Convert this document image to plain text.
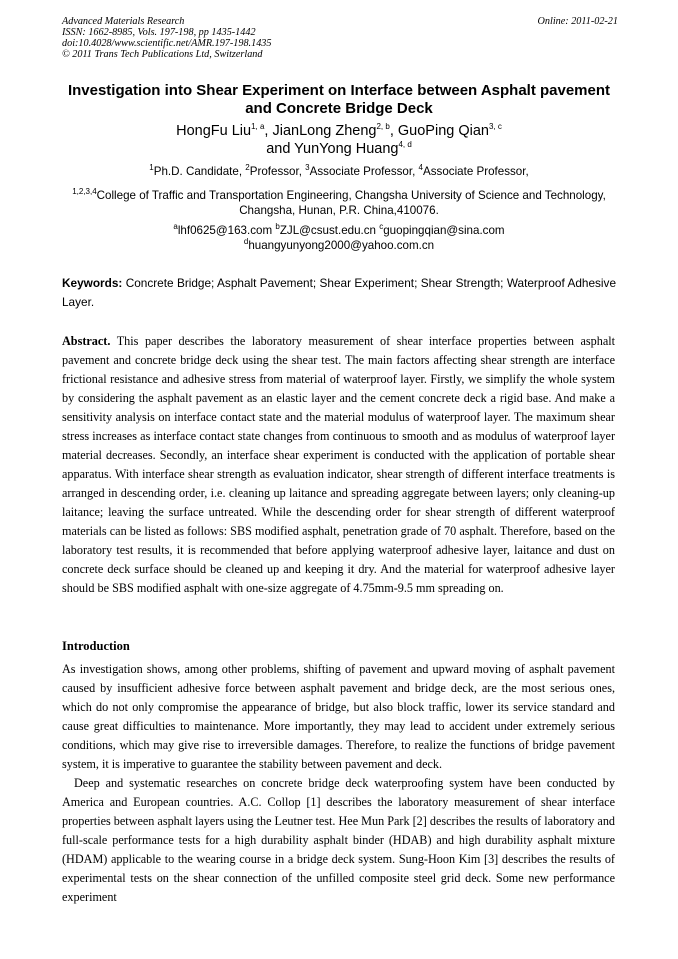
Advanced Materials Research
ISSN: 1662-8985, Vols. 197-198, pp 1435-1442
doi:10.4028/www.scientific.net/AMR.197-198.1435
© 2011 Trans Tech Publications Ltd, Switzerland
Online: 2011-02-21
Investigation into Shear Experiment on Interface between Asphalt pavement and Concrete Bridge Deck
HongFu Liu$^{1, a}$, JianLong Zheng$^{2, b}$, GuoPing Qian$^{3, c}$
and YunYong Huang$^{4, d}$
$^1$Ph.D. Candidate, $^2$Professor, $^3$Associate Professor, $^4$Associate Professor,
$^{1,2,3,4}$College of Traffic and Transportation Engineering, Changsha University of Science and Technology, Changsha, Hunan, P.R. China,410076.
$^a$lhf0625@163.com $^b$ZJL@csust.edu.cn $^c$guopingqian@sina.com
$^d$huangyunyong2000@yahoo.com.cn
Keywords: Concrete Bridge; Asphalt Pavement; Shear Experiment; Shear Strength; Waterproof Adhesive Layer.
Abstract. This paper describes the laboratory measurement of shear interface properties between asphalt pavement and concrete bridge deck using the shear test. The main factors affecting shear strength are interface frictional resistance and adhesive stress from material of waterproof layer. Firstly, we simplify the whole system by considering the asphalt pavement as an elastic layer and the cement concrete deck a rigid base. And make a sensitivity analysis on interface contact state and the material modulus of waterproof layer. The maximum shear stress increases as interface contact state changes from continuous to smooth and as modulus of waterproof layer material decreases. Secondly, an interface shear experiment is conducted with the application of portable shear apparatus. With interface shear strength as evaluation indicator, shear strength of different interface treatments is arranged in descending order, i.e. cleaning up laitance and spreading aggregate between layers; only cleaning-up laitance; leaving the surface untreated. While the descending order for shear strength of different waterproof materials can be listed as follows: SBS modified asphalt, penetration grade of 70 asphalt. Therefore, based on the laboratory test results, it is recommended that before applying waterproof adhesive layer, laitance and dust on concrete deck surface should be cleaned up and keeping it dry. And the material for waterproof adhesive layer should be SBS modified asphalt with one-size aggregate of 4.75mm-9.5 mm spreading on.
Introduction
As investigation shows, among other problems, shifting of pavement and upward moving of asphalt pavement caused by insufficient adhesive force between asphalt pavement and bridge deck, are the most serious ones, which do not only compromise the appearance of bridge, but also block traffic, lower its service standard and cause great difficulties to maintenance. More importantly, they may lead to accident under extremely serious conditions, which may give rise to irreversible damages. Therefore, to realize the functions of bridge pavement system, it is imperative to guarantee the stability between pavement and deck.
Deep and systematic researches on concrete bridge deck waterproofing system have been conducted by America and European countries. A.C. Collop [1] describes the laboratory measurement of shear interface properties between asphalt layers using the Leutner test. Hee Mun Park [2] describes the results of laboratory and full-scale performance tests for a high durability asphalt binder (HDAB) and high durability asphalt mixture (HDAM) applicable to the wearing course in a bridge deck system. Sung-Hoon Kim [3] describes the results of experimental tests on the shear connection of the unfilled composite steel grid deck. Some new performance experiment
